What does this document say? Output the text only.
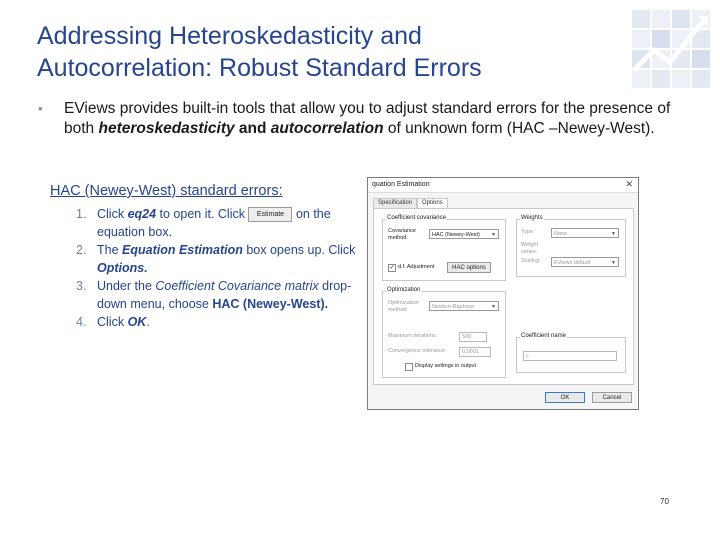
Addressing Heteroskedasticity and Autocorrelation: Robust Standard Errors
•	EViews provides built-in tools that allow you to adjust standard errors for the presence of both heteroskedasticity and autocorrelation of unknown form (HAC –Newey-West).

HAC (Newey-West) standard errors:
1. Click eq24 to open it. Click Estimate on the equation box.
2. The Equation Estimation box opens up. Click Options.
3. Under the Coefficient Covariance matrix drop-down menu, choose HAC (Newey-West).
4. Click OK.
quation Estimation	✕
Specification Options
Coefficient covariance
Covariance method:	HAC (Newey-West) ▼
✓ d.f. Adjustment	HAC options
Weights
Type:	None	▼
Weight series:
Scaling:	EViews default	▼
Optimization
Optimization method:	Newton-Raphson	▼
Maximum iterations:	500
Convergence tolerance:	0.0001
Display settings in output
Coefficient name
c
OK	Cancel
70
